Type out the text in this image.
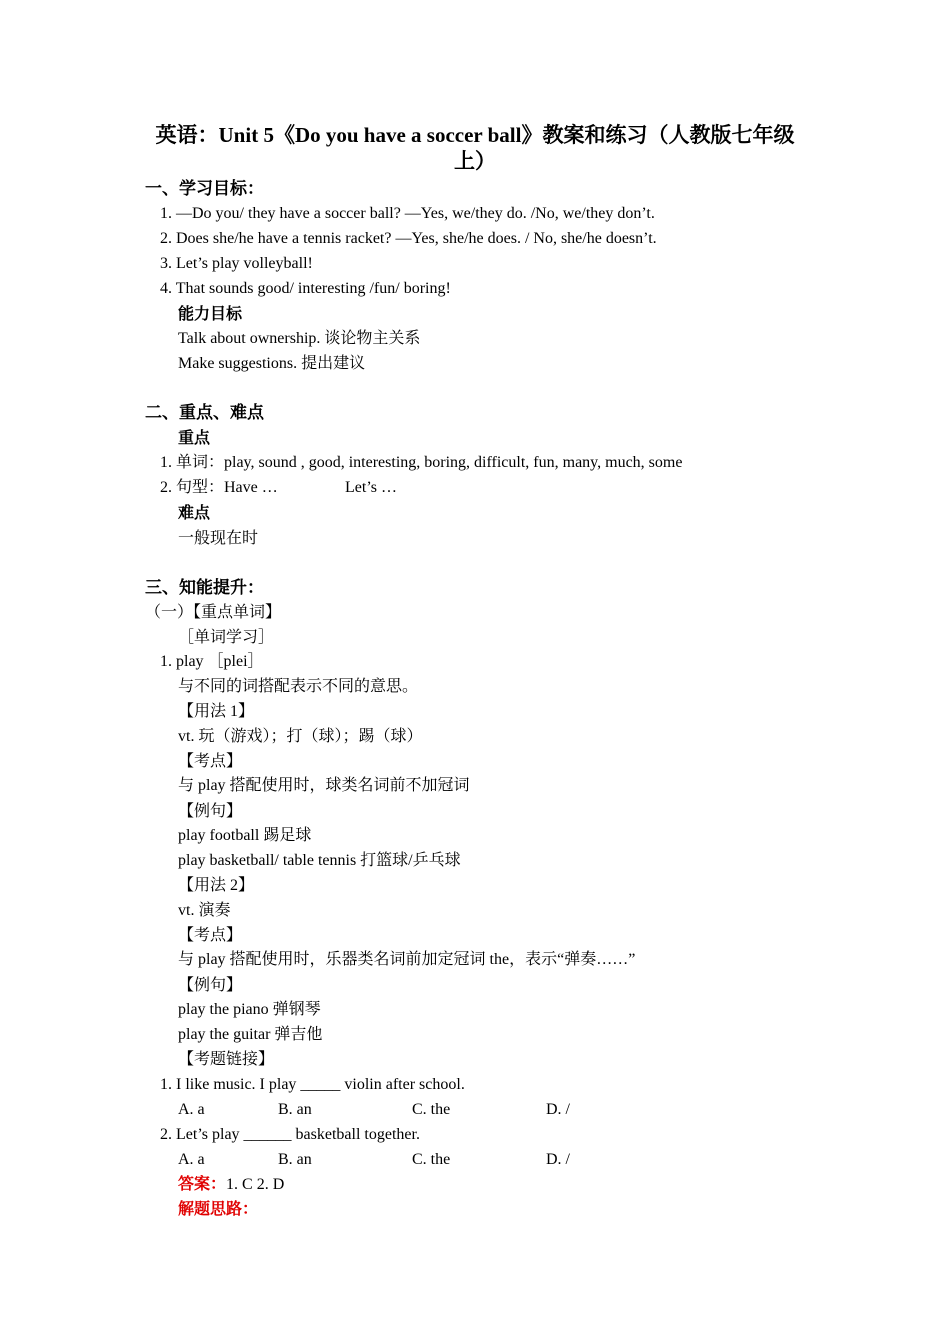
英语：Unit 5《Do you have a soccer ball》教案和练习（人教版七年级上）
一、学习目标：
1. —Do you/ they have a soccer ball? —Yes, we/they do. /No, we/they don’t.
2. Does she/he have a tennis racket? —Yes, she/he does. / No, she/he doesn’t.
3. Let’s play volleyball!
4. That sounds good/ interesting /fun/ boring!
能力目标
Talk about ownership. 谈论物主关系
Make suggestions. 提出建议
二、重点、难点
重点
1. 单词：play, sound , good, interesting, boring, difficult, fun, many, much, some
2. 句型：Have …	Let’s …
难点
一般现在时
三、知能提升：
（一）【重点单词】
［单词学习］
1. play ［plei］
与不同的词搭配表示不同的意思。
【用法 1】
vt. 玩（游戏）；打（球）；踢（球）
【考点】
与 play 搭配使用时，球类名词前不加冠词
【例句】
play football 踢足球
play basketball/ table tennis 打篮球/乒乓球
【用法 2】
vt. 演奏
【考点】
与 play 搭配使用时，乐器类名词前加定冠词 the，表示“弹奏……”
【例句】
play the piano 弹钢琴
play the guitar 弹吉他
【考题链接】
1. I like music. I play _____ violin after school.
A. a	B. an	C. the	D. /
2. Let’s play ______ basketball together.
A. a	B. an	C. the	D. /
答案：1. C 2. D
解题思路：
